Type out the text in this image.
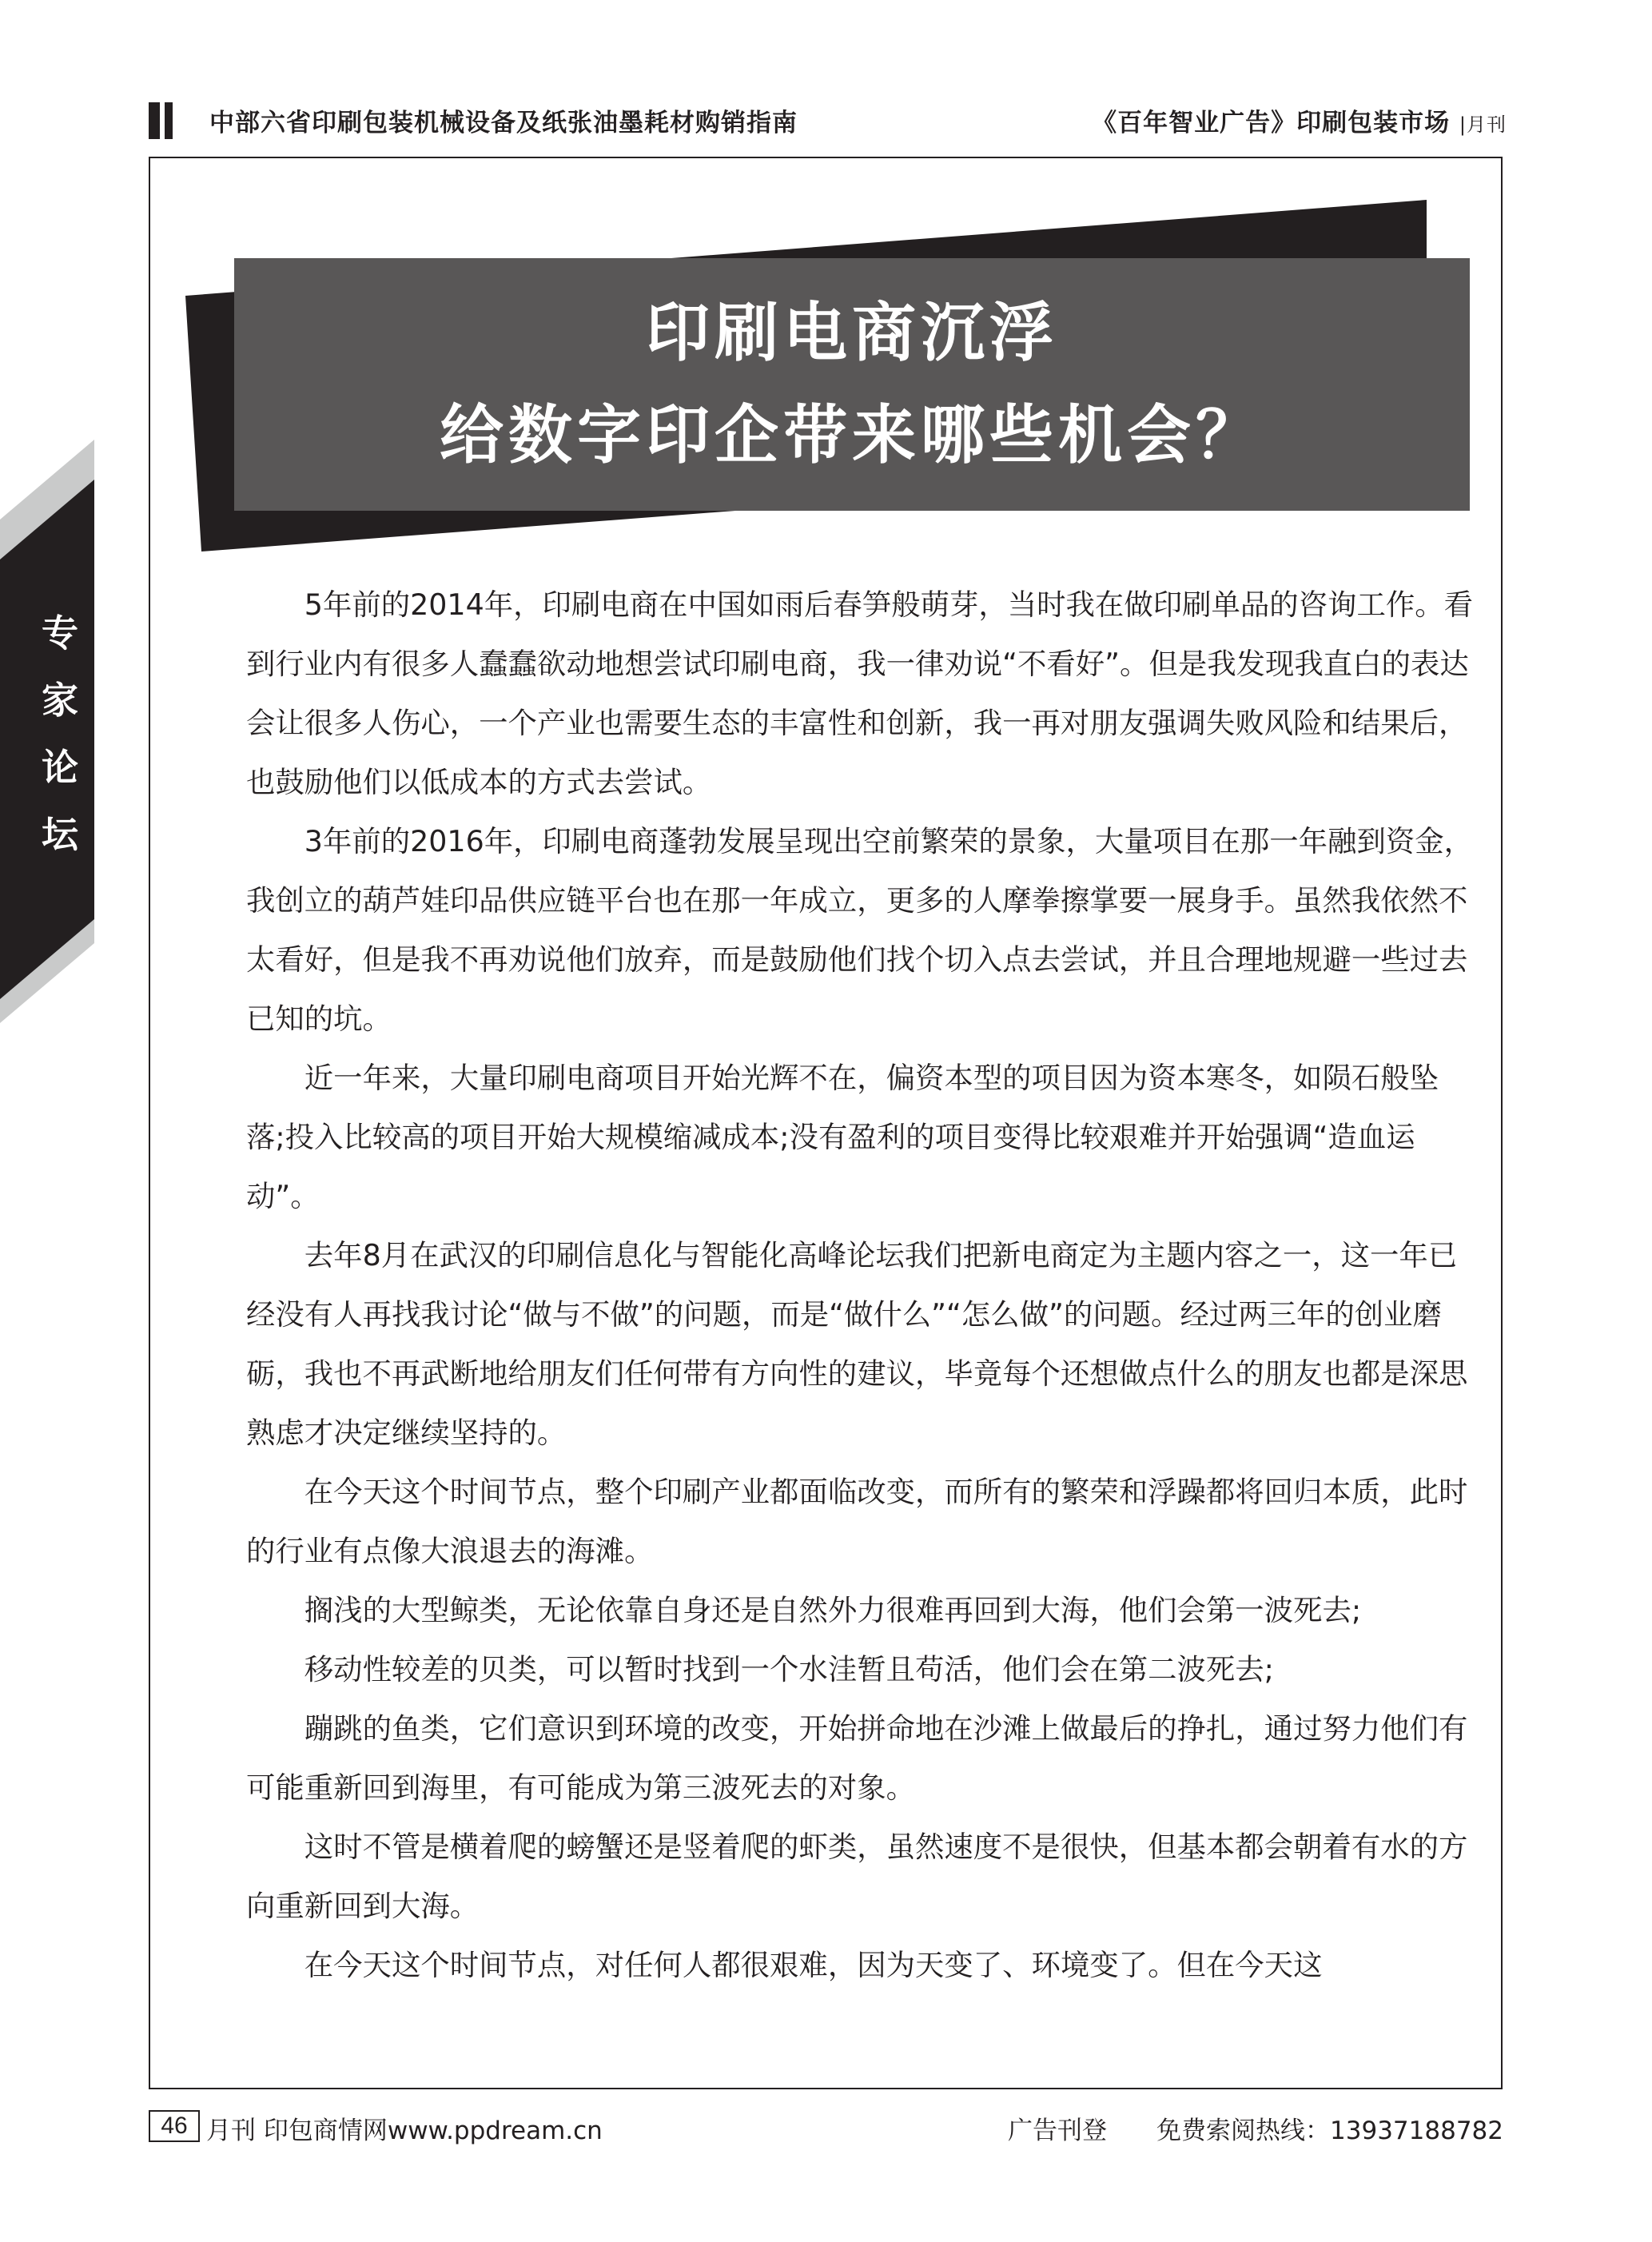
中部六省印刷包装机械设备及纸张油墨耗材购销指南	《百年智业广告》印刷包装市场 |月刊
专
家
论
坛
印刷电商沉浮
给数字印企带来哪些机会？

5年前的2014年，印刷电商在中国如雨后春笋般萌芽，当时我在做印刷单品的咨询工作。看到行业内有很多人蠢蠢欲动地想尝试印刷电商，我一律劝说“不看好”。但是我发现我直白的表达会让很多人伤心，一个产业也需要生态的丰富性和创新，我一再对朋友强调失败风险和结果后，也鼓励他们以低成本的方式去尝试。

3年前的2016年，印刷电商蓬勃发展呈现出空前繁荣的景象，大量项目在那一年融到资金，我创立的葫芦娃印品供应链平台也在那一年成立，更多的人摩拳擦掌要一展身手。虽然我依然不太看好，但是我不再劝说他们放弃，而是鼓励他们找个切入点去尝试，并且合理地规避一些过去已知的坑。

近一年来，大量印刷电商项目开始光辉不在，偏资本型的项目因为资本寒冬，如陨石般坠落;投入比较高的项目开始大规模缩减成本;没有盈利的项目变得比较艰难并开始强调“造血运动”。

去年8月在武汉的印刷信息化与智能化高峰论坛我们把新电商定为主题内容之一，这一年已经没有人再找我讨论“做与不做”的问题，而是“做什么”“怎么做”的问题。经过两三年的创业磨砺，我也不再武断地给朋友们任何带有方向性的建议，毕竟每个还想做点什么的朋友也都是深思熟虑才决定继续坚持的。

在今天这个时间节点，整个印刷产业都面临改变，而所有的繁荣和浮躁都将回归本质，此时的行业有点像大浪退去的海滩。

搁浅的大型鲸类，无论依靠自身还是自然外力很难再回到大海，他们会第一波死去;

移动性较差的贝类，可以暂时找到一个水洼暂且苟活，他们会在第二波死去;

蹦跳的鱼类，它们意识到环境的改变，开始拼命地在沙滩上做最后的挣扎，通过努力他们有可能重新回到海里，有可能成为第三波死去的对象。

这时不管是横着爬的螃蟹还是竖着爬的虾类，虽然速度不是很快，但基本都会朝着有水的方向重新回到大海。

在今天这个时间节点，对任何人都很艰难，因为天变了、环境变了。但在今天这

46 月刊 印包商情网www.ppdream.cn	广告刊登 免费索阅热线：13937188782
